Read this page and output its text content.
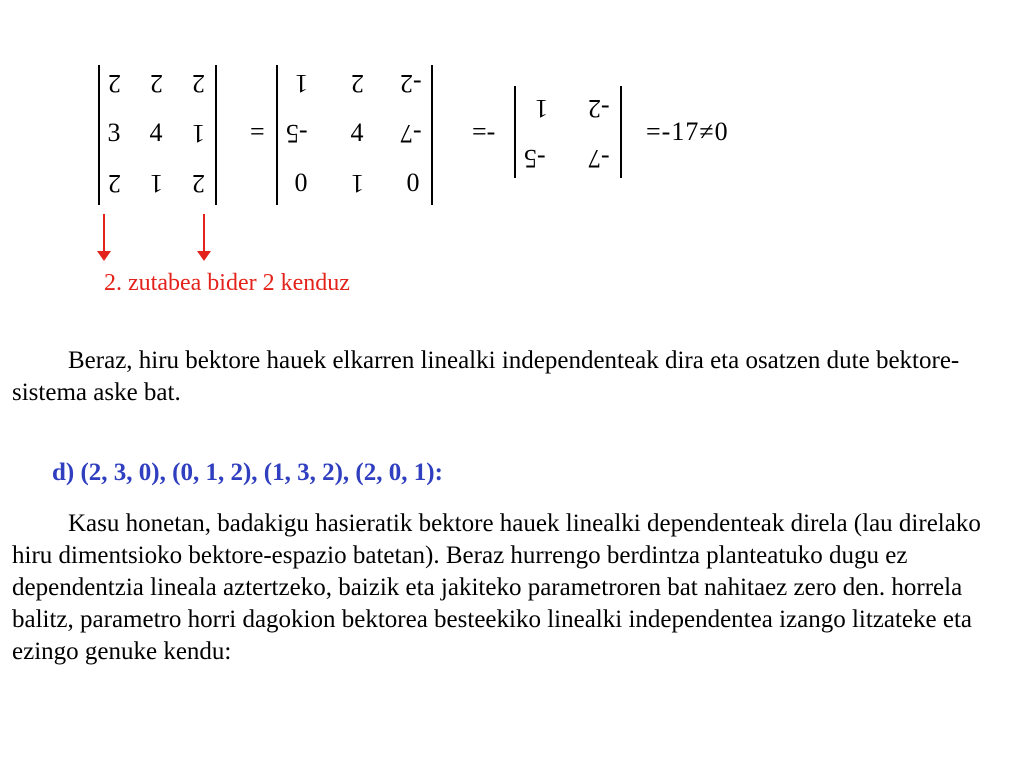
2 2 2
3 4 1
2 1 2
=
1 2 -2
-5 4 -7
0 1 0
=-
1 -2
-5 -7
=-17≠0
2. zutabea bider 2 kenduz
Beraz, hiru bektore hauek elkarren linealki independenteak dira eta osatzen dute bektore-sistema aske bat.
d) (2, 3, 0), (0, 1, 2), (1, 3, 2), (2, 0, 1):
Kasu honetan, badakigu hasieratik bektore hauek linealki dependenteak direla (lau direlako hiru dimentsioko bektore-espazio batetan). Beraz hurrengo berdintza planteatuko dugu ez dependentzia lineala aztertzeko, baizik eta jakiteko parametroren bat nahitaez zero den. horrela balitz, parametro horri dagokion bektorea besteekiko linealki independentea izango litzateke eta ezingo genuke kendu:
